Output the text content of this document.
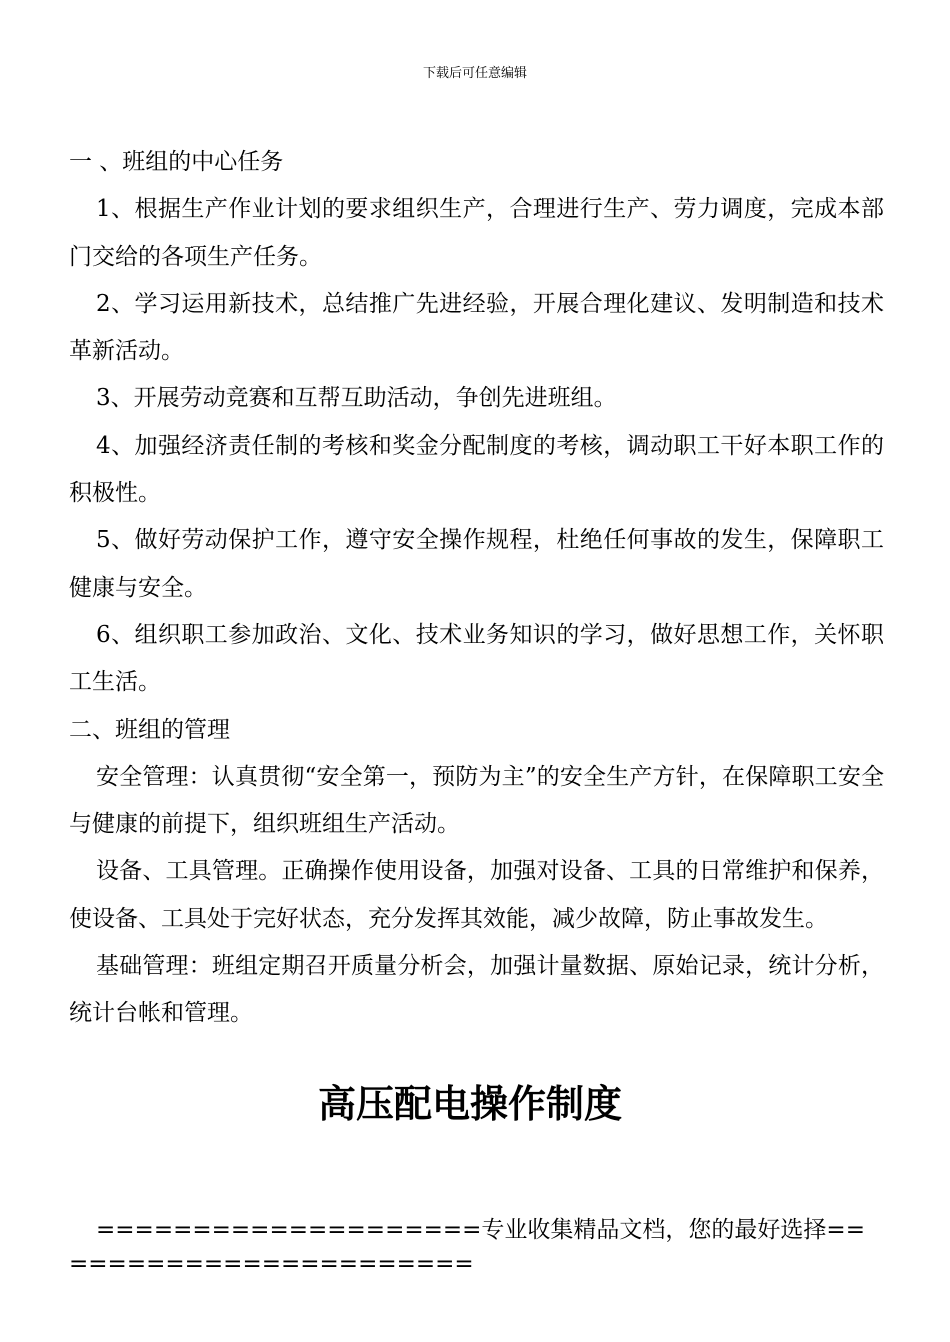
下载后可任意编辑

一 、班组的中心任务

1、根据生产作业计划的要求组织生产，合理进行生产、劳力调度，完成本部门交给的各项生产任务。

2、学习运用新技术，总结推广先进经验，开展合理化建议、发明制造和技术革新活动。

3、开展劳动竞赛和互帮互助活动，争创先进班组。

4、加强经济责任制的考核和奖金分配制度的考核，调动职工干好本职工作的积极性。

5、做好劳动保护工作，遵守安全操作规程，杜绝任何事故的发生，保障职工健康与安全。

6、组织职工参加政治、文化、技术业务知识的学习，做好思想工作，关怀职工生活。

二、班组的管理

安全管理：认真贯彻“安全第一，预防为主”的安全生产方针，在保障职工安全与健康的前提下，组织班组生产活动。

设备、工具管理。正确操作使用设备，加强对设备、工具的日常维护和保养，使设备、工具处于完好状态，充分发挥其效能，减少故障，防止事故发生。

基础管理：班组定期召开质量分析会，加强计量数据、原始记录，统计分析，统计台帐和管理。

高压配电操作制度
====================专业收集精品文档，您的最好选择=======================
